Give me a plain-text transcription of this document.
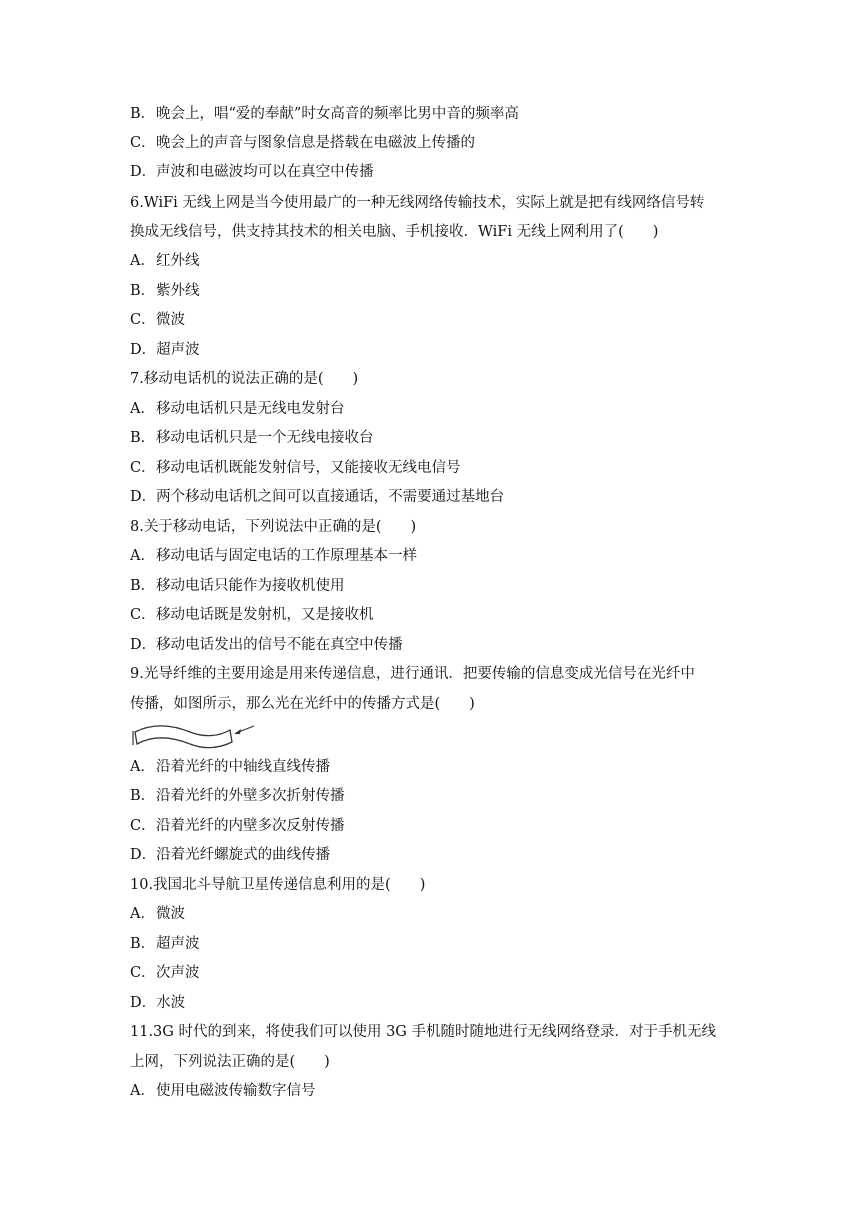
B．晚会上，唱“爱的奉献”时女高音的频率比男中音的频率高
C．晚会上的声音与图象信息是搭载在电磁波上传播的
D．声波和电磁波均可以在真空中传播
6.WiFi 无线上网是当今使用最广的一种无线网络传输技术，实际上就是把有线网络信号转
换成无线信号，供支持其技术的相关电脑、手机接收．WiFi 无线上网利用了(　　)
A．红外线
B．紫外线
C．微波
D．超声波
7.移动电话机的说法正确的是(　　)
A．移动电话机只是无线电发射台
B．移动电话机只是一个无线电接收台
C．移动电话机既能发射信号，又能接收无线电信号
D．两个移动电话机之间可以直接通话，不需要通过基地台
8.关于移动电话，下列说法中正确的是(　　)
A．移动电话与固定电话的工作原理基本一样
B．移动电话只能作为接收机使用
C．移动电话既是发射机，又是接收机
D．移动电话发出的信号不能在真空中传播
9.光导纤维的主要用途是用来传递信息，进行通讯．把要传输的信息变成光信号在光纤中
传播，如图所示，那么光在光纤中的传播方式是(　　)
A．沿着光纤的中轴线直线传播
B．沿着光纤的外壁多次折射传播
C．沿着光纤的内壁多次反射传播
D．沿着光纤螺旋式的曲线传播
10.我国北斗导航卫星传递信息利用的是(　　)
A．微波
B．超声波
C．次声波
D．水波
11.3G 时代的到来，将使我们可以使用 3G 手机随时随地进行无线网络登录．对于手机无线
上网，下列说法正确的是(　　)
A．使用电磁波传输数字信号
